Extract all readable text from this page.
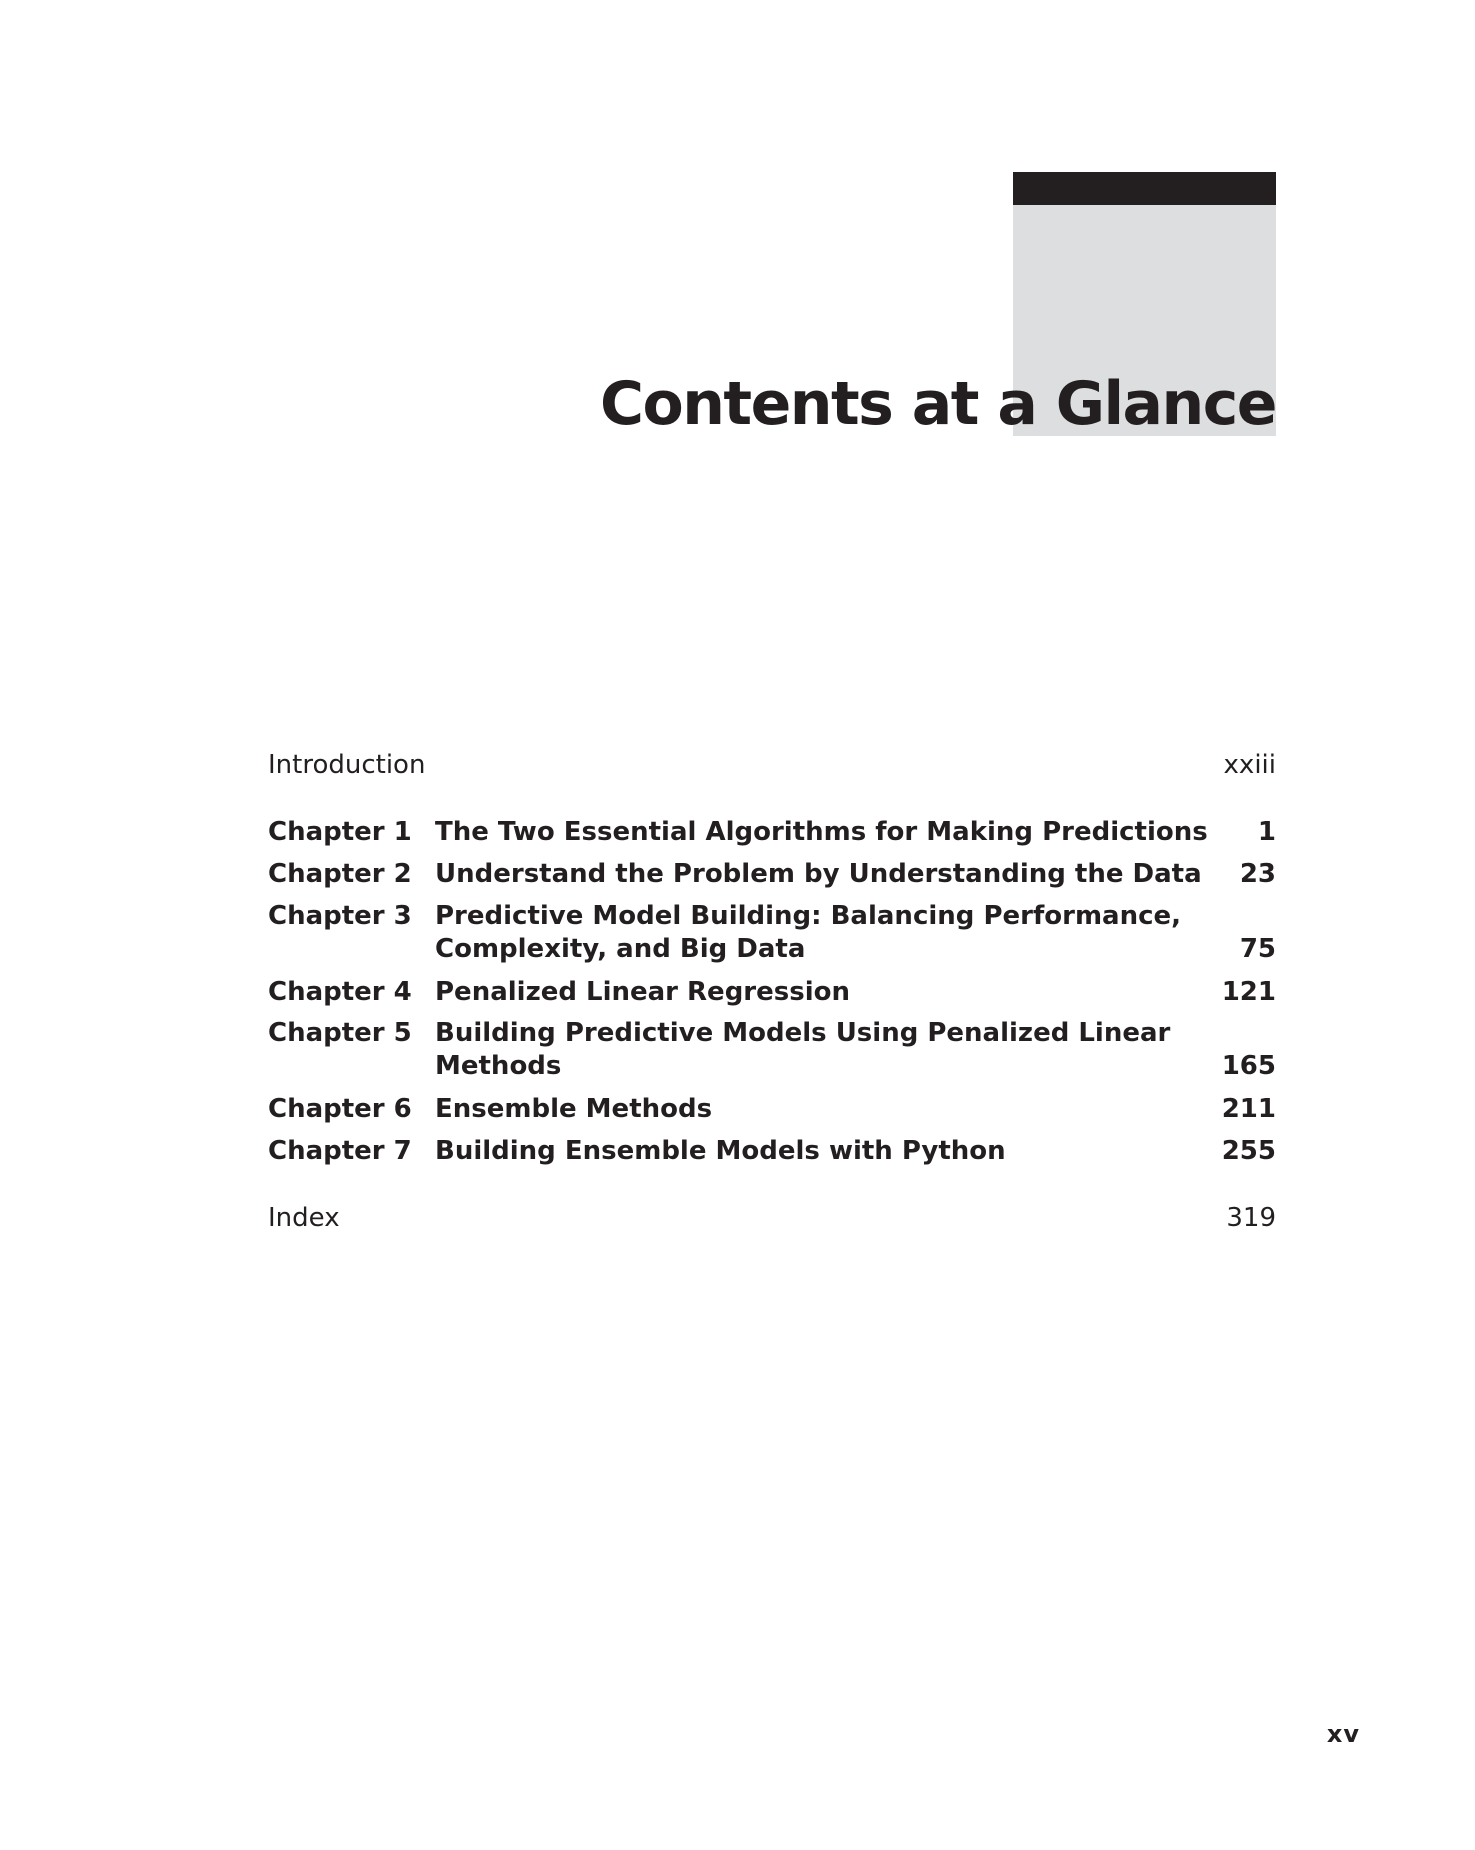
Contents at a Glance
Introduction	xxiii
Chapter 1 The Two Essential Algorithms for Making Predictions 1
Chapter 2 Understand the Problem by Understanding the Data 23
Chapter 3 Predictive Model Building: Balancing Performance,
Complexity, and Big Data	75
Chapter 4 Penalized Linear Regression	121
Chapter 5 Building Predictive Models Using Penalized Linear
Methods	165
Chapter 6 Ensemble Methods	211
Chapter 7 Building Ensemble Models with Python	255
Index	319
xv
